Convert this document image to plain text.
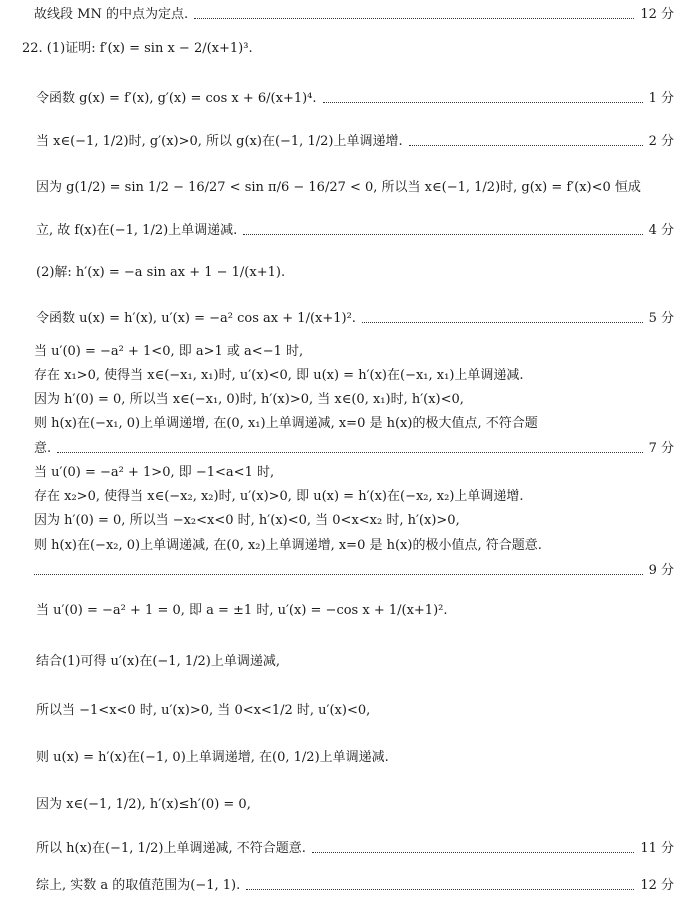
故线段 MN 的中点为定点.	12 分
22. (1)证明: f′(x) = sin x − 2/(x+1)³.
令函数 g(x) = f′(x), g′(x) = cos x + 6/(x+1)⁴.	1 分
当 x∈(−1, 1/2)时, g′(x)>0, 所以 g(x)在(−1, 1/2)上单调递增.	2 分
因为 g(1/2) = sin 1/2 − 16/27 < sin π/6 − 16/27 < 0, 所以当 x∈(−1, 1/2)时, g(x) = f′(x)<0 恒成
立, 故 f(x)在(−1, 1/2)上单调递减.	4 分
(2)解: h′(x) = −a sin ax + 1 − 1/(x+1).
令函数 u(x) = h′(x), u′(x) = −a² cos ax + 1/(x+1)².	5 分
当 u′(0) = −a² + 1<0, 即 a>1 或 a<−1 时,
存在 x₁>0, 使得当 x∈(−x₁, x₁)时, u′(x)<0, 即 u(x) = h′(x)在(−x₁, x₁)上单调递减.
因为 h′(0) = 0, 所以当 x∈(−x₁, 0)时, h′(x)>0, 当 x∈(0, x₁)时, h′(x)<0,
则 h(x)在(−x₁, 0)上单调递增, 在(0, x₁)上单调递减, x=0 是 h(x)的极大值点, 不符合题
意.	7 分
当 u′(0) = −a² + 1>0, 即 −1<a<1 时,
存在 x₂>0, 使得当 x∈(−x₂, x₂)时, u′(x)>0, 即 u(x) = h′(x)在(−x₂, x₂)上单调递增.
因为 h′(0) = 0, 所以当 −x₂<x<0 时, h′(x)<0, 当 0<x<x₂ 时, h′(x)>0,
则 h(x)在(−x₂, 0)上单调递减, 在(0, x₂)上单调递增, x=0 是 h(x)的极小值点, 符合题意.
9 分
当 u′(0) = −a² + 1 = 0, 即 a = ±1 时, u′(x) = −cos x + 1/(x+1)².
结合(1)可得 u′(x)在(−1, 1/2)上单调递减,
所以当 −1<x<0 时, u′(x)>0, 当 0<x<1/2 时, u′(x)<0,
则 u(x) = h′(x)在(−1, 0)上单调递增, 在(0, 1/2)上单调递减.
因为 x∈(−1, 1/2), h′(x)≤h′(0) = 0,
所以 h(x)在(−1, 1/2)上单调递减, 不符合题意.	11 分
综上, 实数 a 的取值范围为(−1, 1).	12 分
